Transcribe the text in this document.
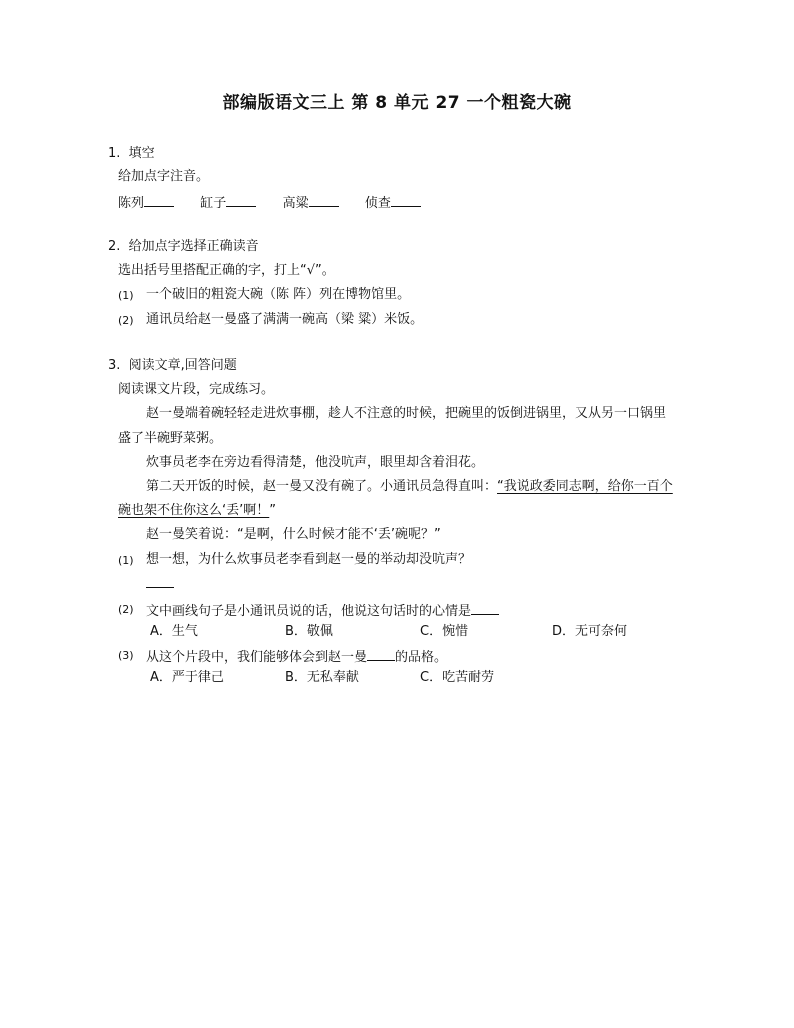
部编版语文三上 第 8 单元 27 一个粗瓷大碗
1. 填空
给加点字注音。
陈列	缸子	高粱	侦查
2. 给加点字选择正确读音
选出括号里搭配正确的字，打上“√”。
(1) 一个破旧的粗瓷大碗（陈 阵）列在博物馆里。
(2) 通讯员给赵一曼盛了满满一碗高（梁 粱）米饭。
3. 阅读文章,回答问题
阅读课文片段，完成练习。
赵一曼端着碗轻轻走进炊事棚，趁人不注意的时候，把碗里的饭倒进锅里，又从另一口锅里
盛了半碗野菜粥。
炊事员老李在旁边看得清楚，他没吭声，眼里却含着泪花。
第二天开饭的时候，赵一曼又没有碗了。小通讯员急得直叫：“我说政委同志啊，给你一百个
碗也架不住你这么‘丢’啊！”
赵一曼笑着说：“是啊，什么时候才能不‘丢’碗呢？”
(1) 想一想，为什么炊事员老李看到赵一曼的举动却没吭声？
(2) 文中画线句子是小通讯员说的话，他说这句话时的心情是
A．生气	B．敬佩	C．惋惜	D．无可奈何
(3) 从这个片段中，我们能够体会到赵一曼 的品格。
A．严于律己	B．无私奉献	C．吃苦耐劳
